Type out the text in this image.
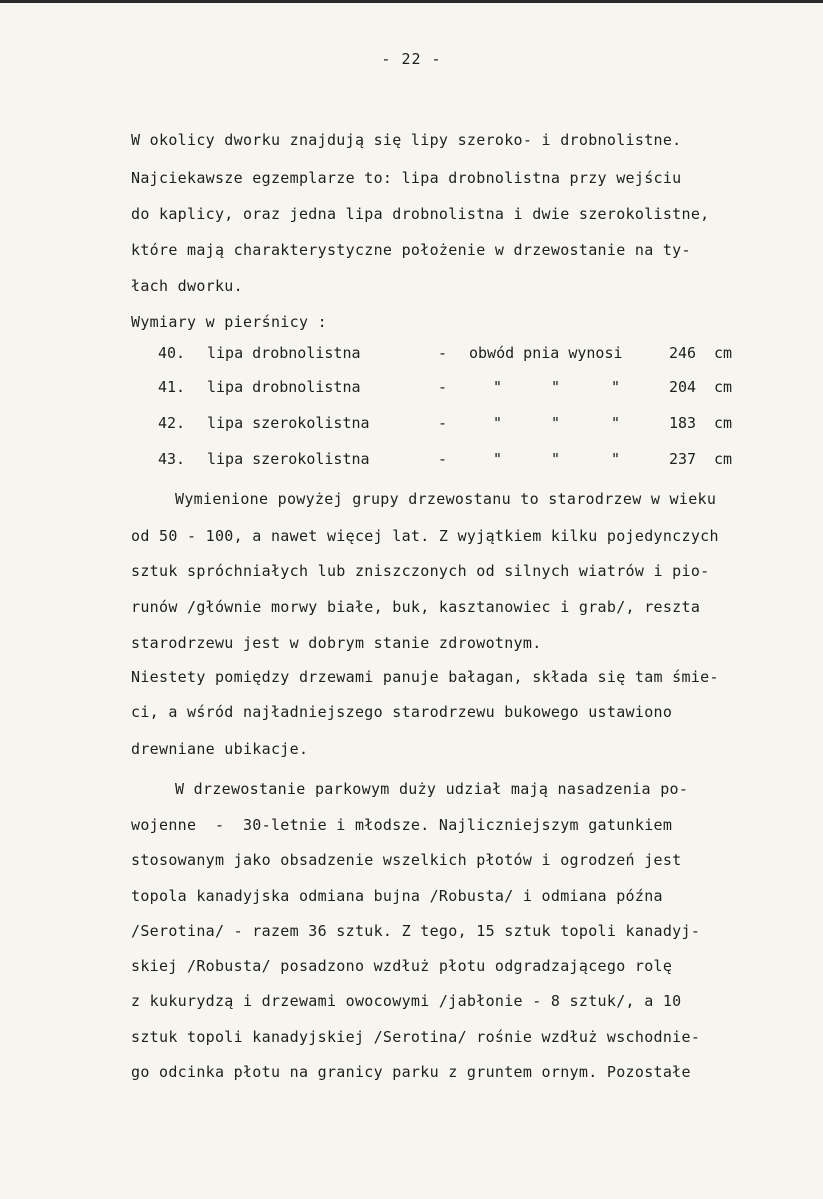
- 22 -
W okolicy dworku znajdują się lipy szeroko- i drobnolistne.
Najciekawsze egzemplarze to: lipa drobnolistna przy wejściu
do kaplicy, oraz jedna lipa drobnolistna i dwie szerokolistne,
które mają charakterystyczne położenie w drzewostanie na ty-
łach dworku.
Wymiary w pierśnicy :
40. lipa drobnolistna	- obwód pnia wynosi	246 cm
41. lipa drobnolistna	-	"	"	"	204 cm
42. lipa szerokolistna	-	"	"	"	183 cm
43. lipa szerokolistna	-	"	"	"	237 cm
Wymienione powyżej grupy drzewostanu to starodrzew w wieku
od 50 - 100, a nawet więcej lat. Z wyjątkiem kilku pojedynczych
sztuk spróchniałych lub zniszczonych od silnych wiatrów i pio-
runów /głównie morwy białe, buk, kasztanowiec i grab/, reszta
starodrzewu jest w dobrym stanie zdrowotnym.
Niestety pomiędzy drzewami panuje bałagan, składa się tam śmie-
ci, a wśród najładniejszego starodrzewu bukowego ustawiono
drewniane ubikacje.
W drzewostanie parkowym duży udział mają nasadzenia po-
wojenne  -  30-letnie i młodsze. Najliczniejszym gatunkiem
stosowanym jako obsadzenie wszelkich płotów i ogrodzeń jest
topola kanadyjska odmiana bujna /Robusta/ i odmiana późna
/Serotina/ - razem 36 sztuk. Z tego, 15 sztuk topoli kanadyj-
skiej /Robusta/ posadzono wzdłuż płotu odgradzającego rolę
z kukurydzą i drzewami owocowymi /jabłonie - 8 sztuk/, a 10
sztuk topoli kanadyjskiej /Serotina/ rośnie wzdłuż wschodnie-
go odcinka płotu na granicy parku z gruntem ornym. Pozostałe
